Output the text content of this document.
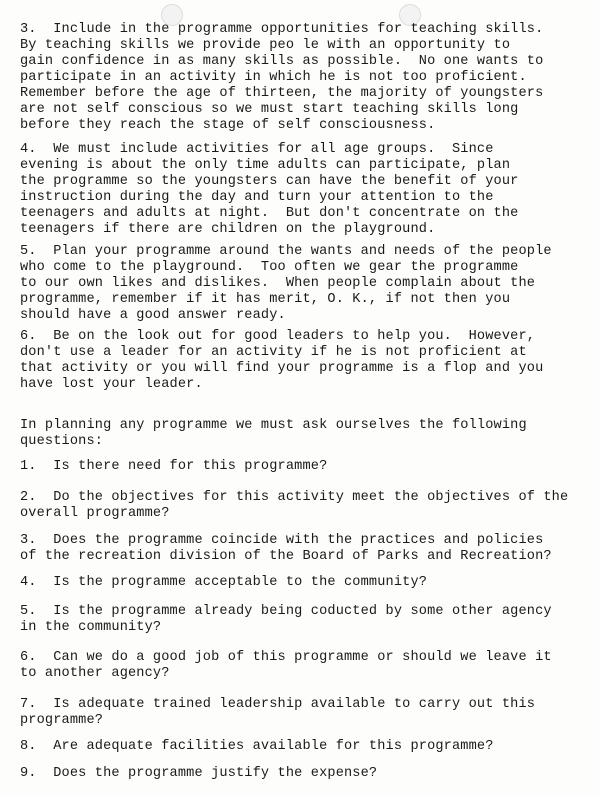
3.  Include in the programme opportunities for teaching skills.
By teaching skills we provide peo le with an opportunity to
gain confidence in as many skills as possible.  No one wants to
participate in an activity in which he is not too proficient.
Remember before the age of thirteen, the majority of youngsters
are not self conscious so we must start teaching skills long
before they reach the stage of self consciousness.
4.  We must include activities for all age groups.  Since
evening is about the only time adults can participate, plan
the programme so the youngsters can have the benefit of your
instruction during the day and turn your attention to the
teenagers and adults at night.  But don't concentrate on the
teenagers if there are children on the playground.
5.  Plan your programme around the wants and needs of the people
who come to the playground.  Too often we gear the programme
to our own likes and dislikes.  When people complain about the
programme, remember if it has merit, O. K., if not then you
should have a good answer ready.
6.  Be on the look out for good leaders to help you.  However,
don't use a leader for an activity if he is not proficient at
that activity or you will find your programme is a flop and you
have lost your leader.
In planning any programme we must ask ourselves the following
questions:
1.  Is there need for this programme?
2.  Do the objectives for this activity meet the objectives of the
overall programme?
3.  Does the programme coincide with the practices and policies
of the recreation division of the Board of Parks and Recreation?
4.  Is the programme acceptable to the community?
5.  Is the programme already being coducted by some other agency
in the community?
6.  Can we do a good job of this programme or should we leave it
to another agency?
7.  Is adequate trained leadership available to carry out this
programme?
8.  Are adequate facilities available for this programme?
9.  Does the programme justify the expense?
